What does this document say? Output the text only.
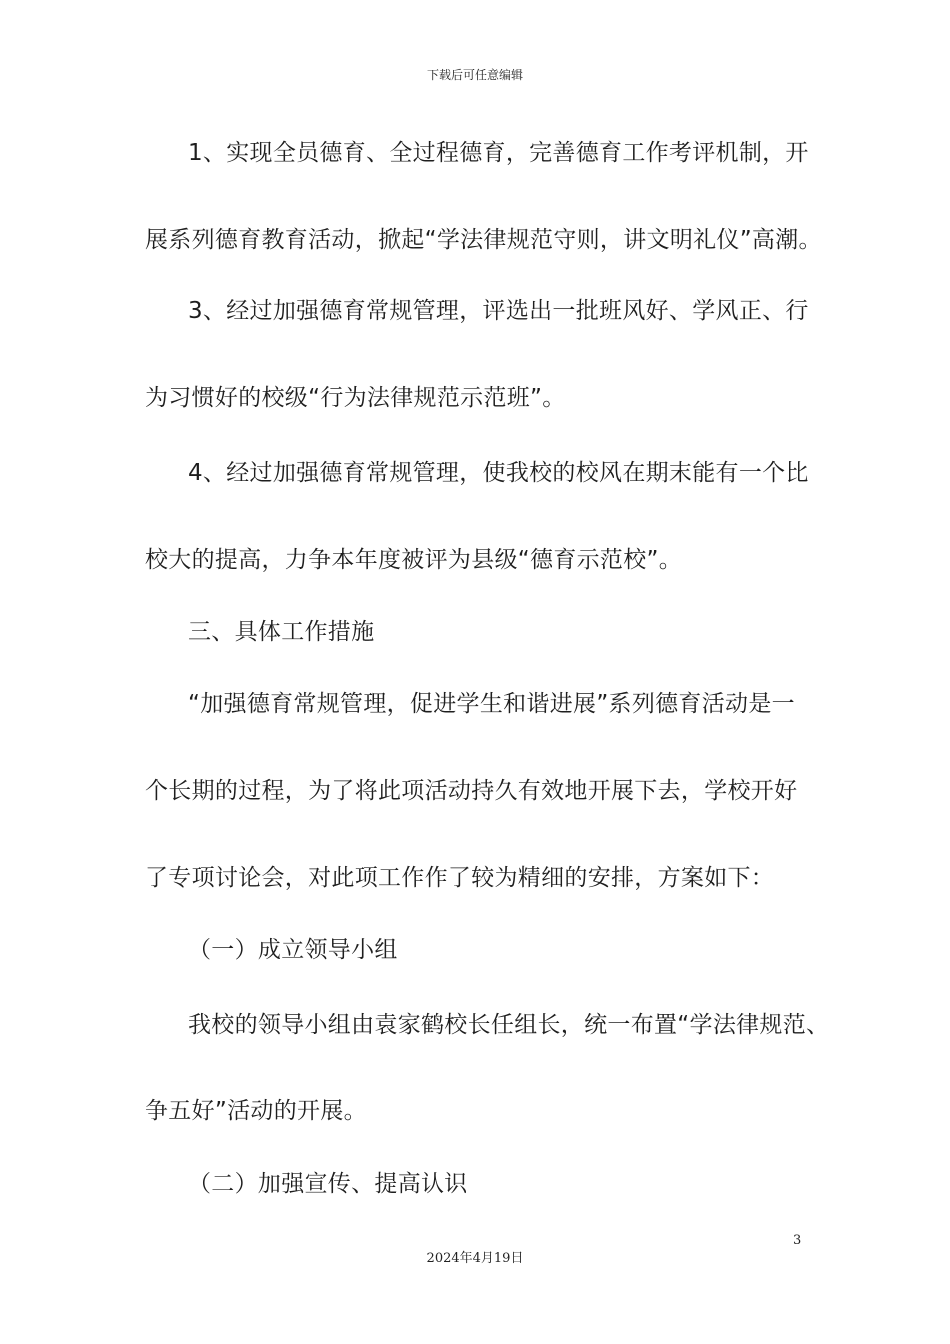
下载后可任意编辑
1、实现全员德育、全过程德育，完善德育工作考评机制，开
展系列德育教育活动，掀起“学法律规范守则，讲文明礼仪”高潮。
3、经过加强德育常规管理，评选出一批班风好、学风正、行
为习惯好的校级“行为法律规范示范班”。
4、经过加强德育常规管理，使我校的校风在期末能有一个比
校大的提高，力争本年度被评为县级“德育示范校”。
三、具体工作措施
“加强德育常规管理，促进学生和谐进展”系列德育活动是一
个长期的过程，为了将此项活动持久有效地开展下去，学校开好
了专项讨论会，对此项工作作了较为精细的安排，方案如下：
（一）成立领导小组
我校的领导小组由袁家鹤校长任组长，统一布置“学法律规范、
争五好”活动的开展。
（二）加强宣传、提高认识
3
2024年4月19日
